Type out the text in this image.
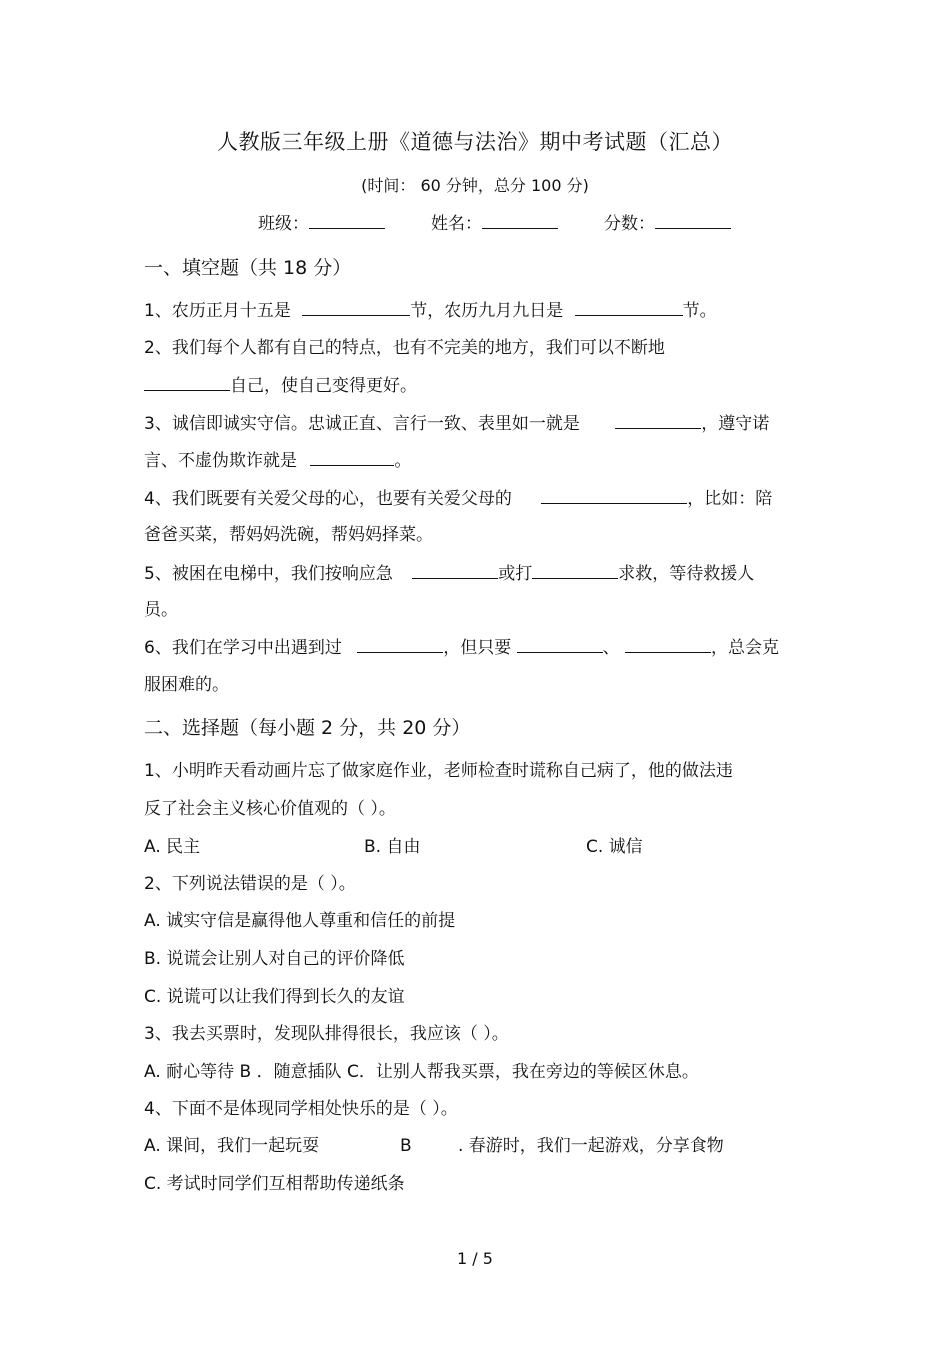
人教版三年级上册《道德与法治》期中考试题（汇总）
(时间： 60 分钟，总分 100 分)
班级：	姓名：	分数：
一、填空题（共 18 分）
1、农历正月十五是	节，农历九月九日是	节。
2、我们每个人都有自己的特点，也有不完美的地方，我们可以不断地
自己，使自己变得更好。
3、诚信即诚实守信。忠诚正直、言行一致、表里如一就是	，遵守诺
言、不虚伪欺诈就是	。
4、我们既要有关爱父母的心，也要有关爱父母的	，比如：陪
爸爸买菜，帮妈妈洗碗，帮妈妈择菜。
5、被困在电梯中，我们按响应急	或打	求救，等待救援人
员。
6、我们在学习中出遇到过	，但只要	、	，总会克
服困难的。
二、选择题（每小题 2 分，共 20 分）
1、小明昨天看动画片忘了做家庭作业，老师检查时谎称自己病了，他的做法违
反了社会主义核心价值观的（ ）。
A. 民主	B. 自由	C. 诚信
2、下列说法错误的是（ ）。
A. 诚实守信是赢得他人尊重和信任的前提
B. 说谎会让别人对自己的评价降低
C. 说谎可以让我们得到长久的友谊
3、我去买票时，发现队排得很长，我应该（ ）。
A. 耐心等待 B ．随意插队 C．让别人帮我买票，我在旁边的等候区休息。
4、下面不是体现同学相处快乐的是（ ）。
A. 课间，我们一起玩耍	B	. 春游时，我们一起游戏，分享食物
C. 考试时同学们互相帮助传递纸条
1 / 5
